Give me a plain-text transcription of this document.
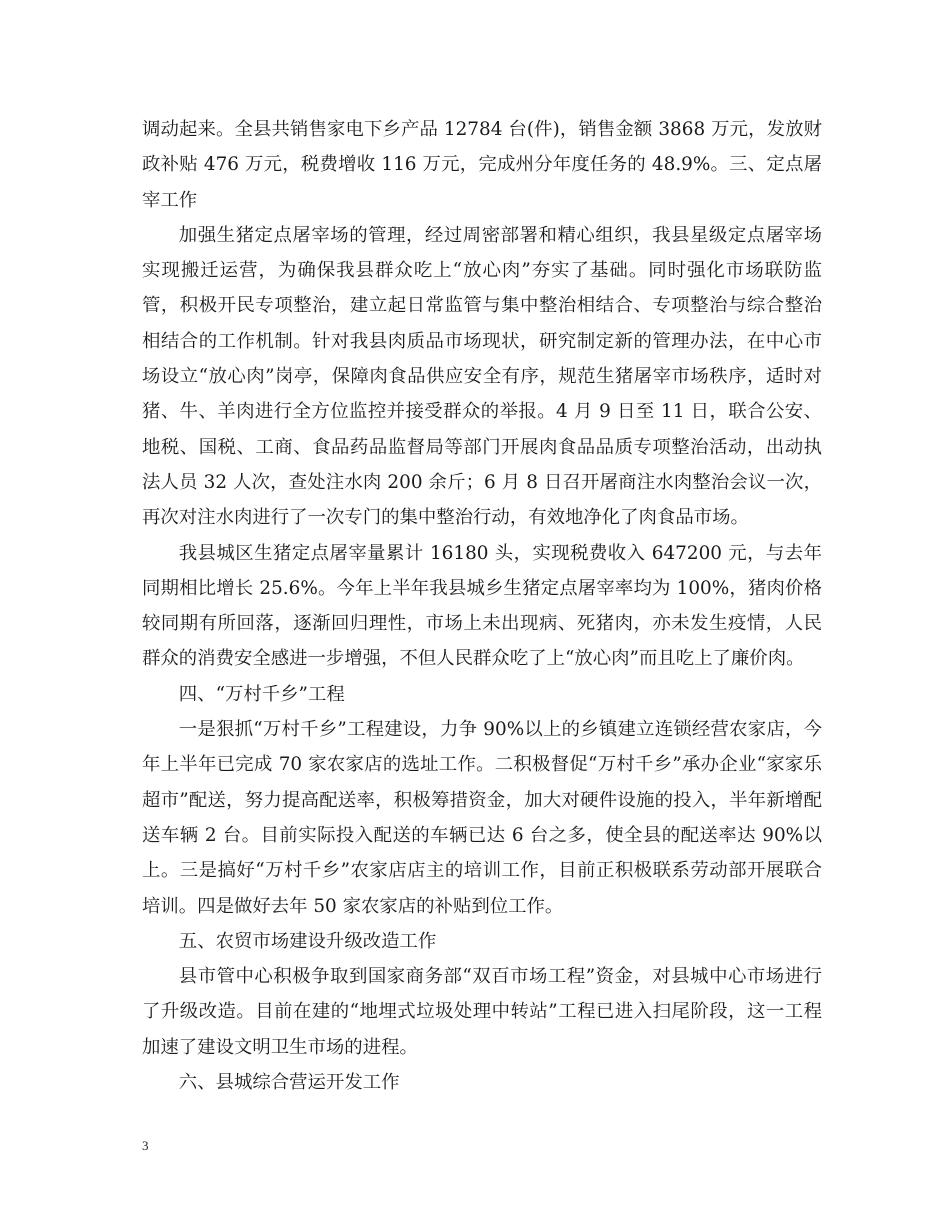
调动起来。全县共销售家电下乡产品 12784 台(件)，销售金额 3868 万元，发放财政补贴 476 万元，税费增收 116 万元，完成州分年度任务的 48.9%。三、定点屠宰工作

加强生猪定点屠宰场的管理，经过周密部署和精心组织，我县星级定点屠宰场实现搬迁运营，为确保我县群众吃上“放心肉”夯实了基础。同时强化市场联防监管，积极开民专项整治，建立起日常监管与集中整治相结合、专项整治与综合整治相结合的工作机制。针对我县肉质品市场现状，研究制定新的管理办法，在中心市场设立“放心肉”岗亭，保障肉食品供应安全有序，规范生猪屠宰市场秩序，适时对猪、牛、羊肉进行全方位监控并接受群众的举报。4 月 9 日至 11 日，联合公安、地税、国税、工商、食品药品监督局等部门开展肉食品品质专项整治活动，出动执法人员 32 人次，查处注水肉 200 余斤；6 月 8 日召开屠商注水肉整治会议一次，再次对注水肉进行了一次专门的集中整治行动，有效地净化了肉食品市场。

我县城区生猪定点屠宰量累计 16180 头，实现税费收入 647200 元，与去年同期相比增长 25.6%。今年上半年我县城乡生猪定点屠宰率均为 100%，猪肉价格较同期有所回落，逐渐回归理性，市场上未出现病、死猪肉，亦未发生疫情，人民群众的消费安全感进一步增强，不但人民群众吃了上“放心肉”而且吃上了廉价肉。

四、“万村千乡”工程

一是狠抓“万村千乡”工程建设，力争 90%以上的乡镇建立连锁经营农家店，今年上半年已完成 70 家农家店的选址工作。二积极督促“万村千乡”承办企业“家家乐超市”配送，努力提高配送率，积极筹措资金，加大对硬件设施的投入，半年新增配送车辆 2 台。目前实际投入配送的车辆已达 6 台之多，使全县的配送率达 90%以上。三是搞好“万村千乡”农家店店主的培训工作，目前正积极联系劳动部开展联合培训。四是做好去年 50 家农家店的补贴到位工作。

五、农贸市场建设升级改造工作

县市管中心积极争取到国家商务部“双百市场工程”资金，对县城中心市场进行了升级改造。目前在建的“地埋式垃圾处理中转站”工程已进入扫尾阶段，这一工程加速了建设文明卫生市场的进程。

六、县城综合营运开发工作

3
